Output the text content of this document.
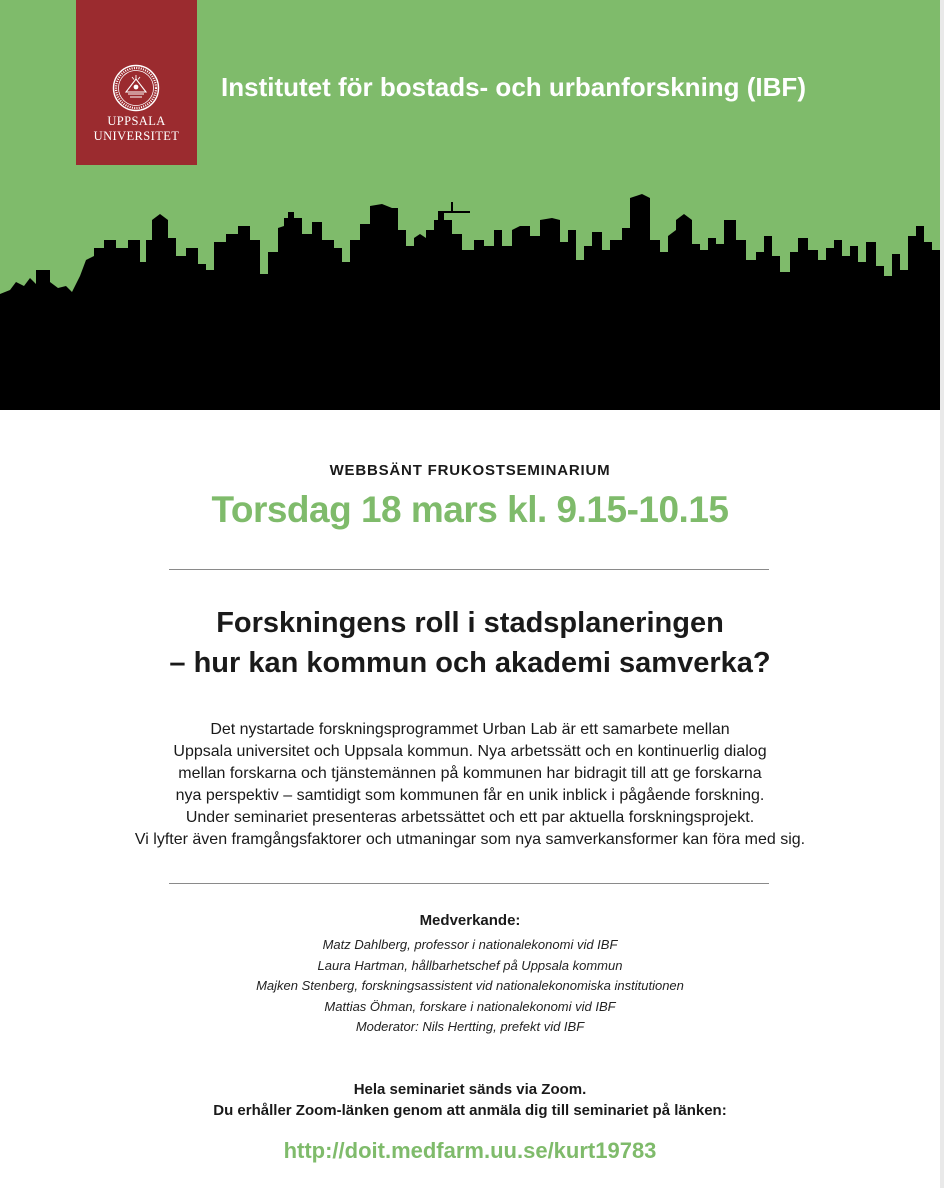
UPPSALA
UNIVERSITET
Institutet för bostads- och urbanforskning (IBF)
WEBBSÄNT FRUKOSTSEMINARIUM
Torsdag 18 mars kl. 9.15-10.15
Forskningens roll i stadsplaneringen
– hur kan kommun och akademi samverka?
Det nystartade forskningsprogrammet Urban Lab är ett samarbete mellan
Uppsala universitet och Uppsala kommun. Nya arbetssätt och en kontinuerlig dialog
mellan forskarna och tjänstemännen på kommunen har bidragit till att ge forskarna
nya perspektiv – samtidigt som kommunen får en unik inblick i pågående forskning.
Under seminariet presenteras arbetssättet och ett par aktuella forskningsprojekt.
Vi lyfter även framgångsfaktorer och utmaningar som nya samverkansformer kan föra med sig.
Medverkande:
Matz Dahlberg, professor i nationalekonomi vid IBF
Laura Hartman, hållbarhetschef på Uppsala kommun
Majken Stenberg, forskningsassistent vid nationalekonomiska institutionen
Mattias Öhman, forskare i nationalekonomi vid IBF
Moderator: Nils Hertting, prefekt vid IBF
Hela seminariet sänds via Zoom.
Du erhåller Zoom-länken genom att anmäla dig till seminariet på länken:
http://doit.medfarm.uu.se/kurt19783
